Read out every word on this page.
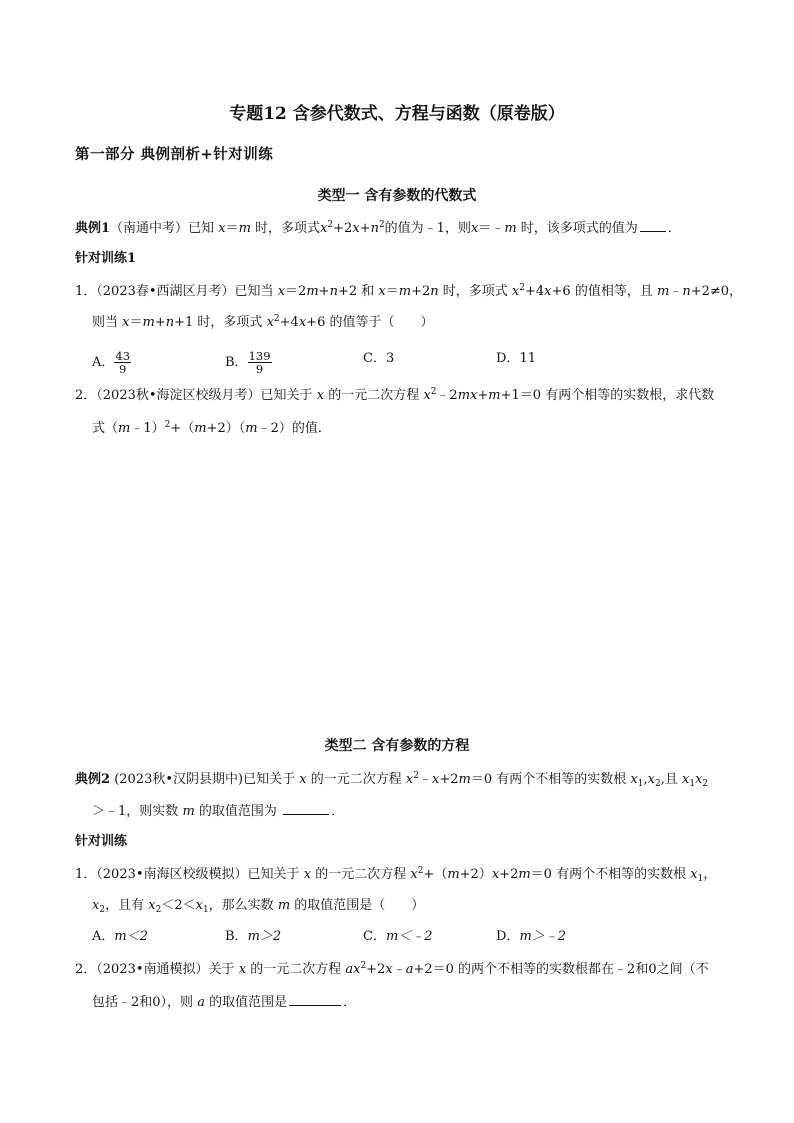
专题12 含参代数式、方程与函数（原卷版）
第一部分 典例剖析+针对训练
类型一 含有参数的代数式
典例1（南通中考）已知 x＝m 时，多项式$x^2+2x+n^2$的值为﹣1，则x＝﹣m 时，该多项式的值为 ．
针对训练1
1．（2023春•西湖区月考）已知当 x＝2m+n+2 和 x＝m+2n 时，多项式 $x^2+4x+6$ 的值相等，且 m﹣n+2≠0，
则当 x＝m+n+1 时，多项式 $x^2+4x+6$ 的值等于（　　）
A． $\frac{43}{9}$	B． $\frac{139}{9}$	C．3	D．11
2．（2023秋•海淀区校级月考）已知关于 x 的一元二次方程 $x^2﹣2mx+m+1=0$ 有两个相等的实数根，求代数
式（m﹣1）$^2$+（m+2）（m﹣2）的值．
类型二 含有参数的方程
典例2 (2023秋•汉阴县期中)已知关于 x 的一元二次方程 $x^2﹣x+2m=0$ 有两个不相等的实数根 $x_1,x_2$,且 $x_1x_2$
＞﹣1，则实数 m 的取值范围为	．
针对训练
1．（2023•南海区校级模拟）已知关于 x 的一元二次方程 $x^2+(m+2)x+2m=0$ 有两个不相等的实数根 $x_1$，
$x_2$，且有 $x_2<2<x_1$，那么实数 m 的取值范围是（　　）
A．m＜2	B．m＞2	C．m＜﹣2	D．m＞﹣2
2．（2023•南通模拟）关于 x 的一元二次方程 $ax^2+2x﹣a+2=0$ 的两个不相等的实数根都在﹣2和0之间（不
包括﹣2和0），则 a 的取值范围是	．
